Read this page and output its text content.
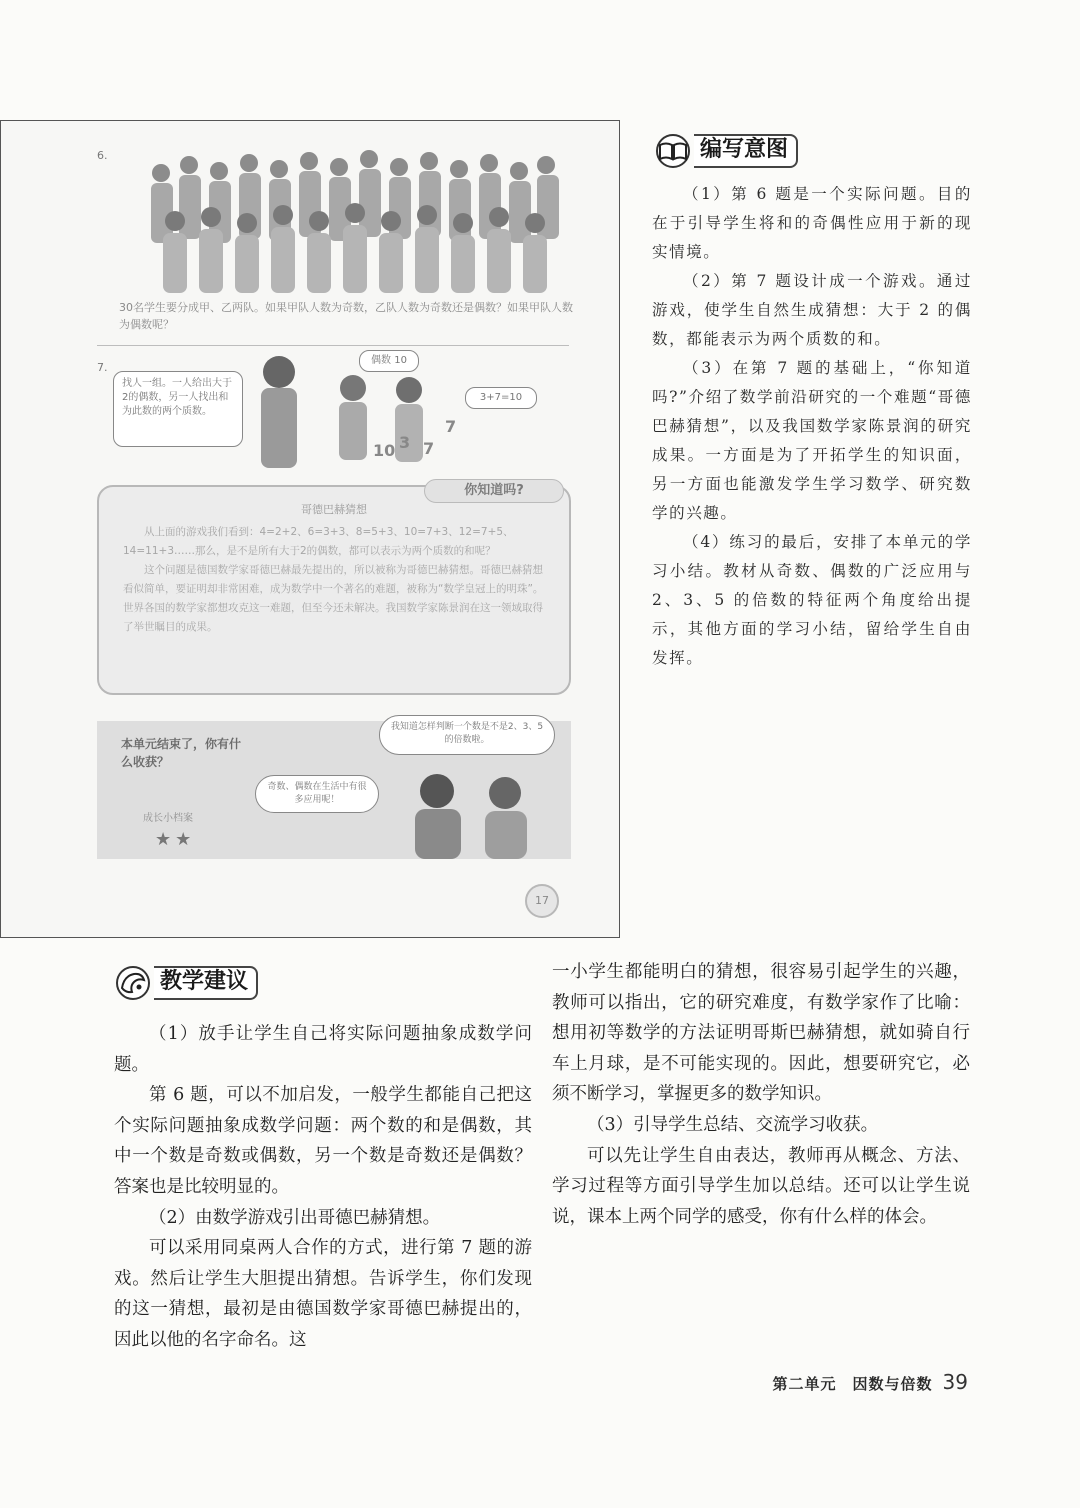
6.
30名学生要分成甲、乙两队。如果甲队人数为奇数，乙队人数为奇数还是偶数？如果甲队人数为偶数呢？
7.
找人一组。一人给出大于2的偶数，另一人找出和为此数的两个质数。
10 3 7
7
偶数 10
3+7=10
你知道吗?
哥德巴赫猜想
从上面的游戏我们看到：4=2+2、6=3+3、8=5+3、10=7+3、12=7+5、14=11+3……那么，是不是所有大于2的偶数，都可以表示为两个质数的和呢？
这个问题是德国数学家哥德巴赫最先提出的，所以被称为哥德巴赫猜想。哥德巴赫猜想看似简单，要证明却非常困难，成为数学中一个著名的难题，被称为“数学皇冠上的明珠”。世界各国的数学家都想攻克这一难题，但至今还未解决。我国数学家陈景润在这一领域取得了举世瞩目的成果。
本单元结束了，你有什么收获？
我知道怎样判断一个数是不是2、3、5的倍数啦。
奇数、偶数在生活中有很多应用呢！
成长小档案
★★
17
编写意图

（1）第 6 题是一个实际问题。目的在于引导学生将和的奇偶性应用于新的现实情境。

（2）第 7 题设计成一个游戏。通过游戏，使学生自然生成猜想：大于 2 的偶数，都能表示为两个质数的和。

（3）在第 7 题的基础上，“你知道吗?”介绍了数学前沿研究的一个难题“哥德巴赫猜想”，以及我国数学家陈景润的研究成果。一方面是为了开拓学生的知识面，另一方面也能激发学生学习数学、研究数学的兴趣。

（4）练习的最后，安排了本单元的学习小结。教材从奇数、偶数的广泛应用与 2、3、5 的倍数的特征两个角度给出提示，其他方面的学习小结，留给学生自由发挥。

教学建议

（1）放手让学生自己将实际问题抽象成数学问题。

第 6 题，可以不加启发，一般学生都能自己把这个实际问题抽象成数学问题：两个数的和是偶数，其中一个数是奇数或偶数，另一个数是奇数还是偶数？答案也是比较明显的。

（2）由数学游戏引出哥德巴赫猜想。

可以采用同桌两人合作的方式，进行第 7 题的游戏。然后让学生大胆提出猜想。告诉学生，你们发现的这一猜想，最初是由德国数学家哥德巴赫提出的，因此以他的名字命名。这

一小学生都能明白的猜想，很容易引起学生的兴趣，教师可以指出，它的研究难度，有数学家作了比喻：想用初等数学的方法证明哥斯巴赫猜想，就如骑自行车上月球，是不可能实现的。因此，想要研究它，必须不断学习，掌握更多的数学知识。

（3）引导学生总结、交流学习收获。

可以先让学生自由表达，教师再从概念、方法、学习过程等方面引导学生加以总结。还可以让学生说说，课本上两个同学的感受，你有什么样的体会。

第二单元　因数与倍数 39
